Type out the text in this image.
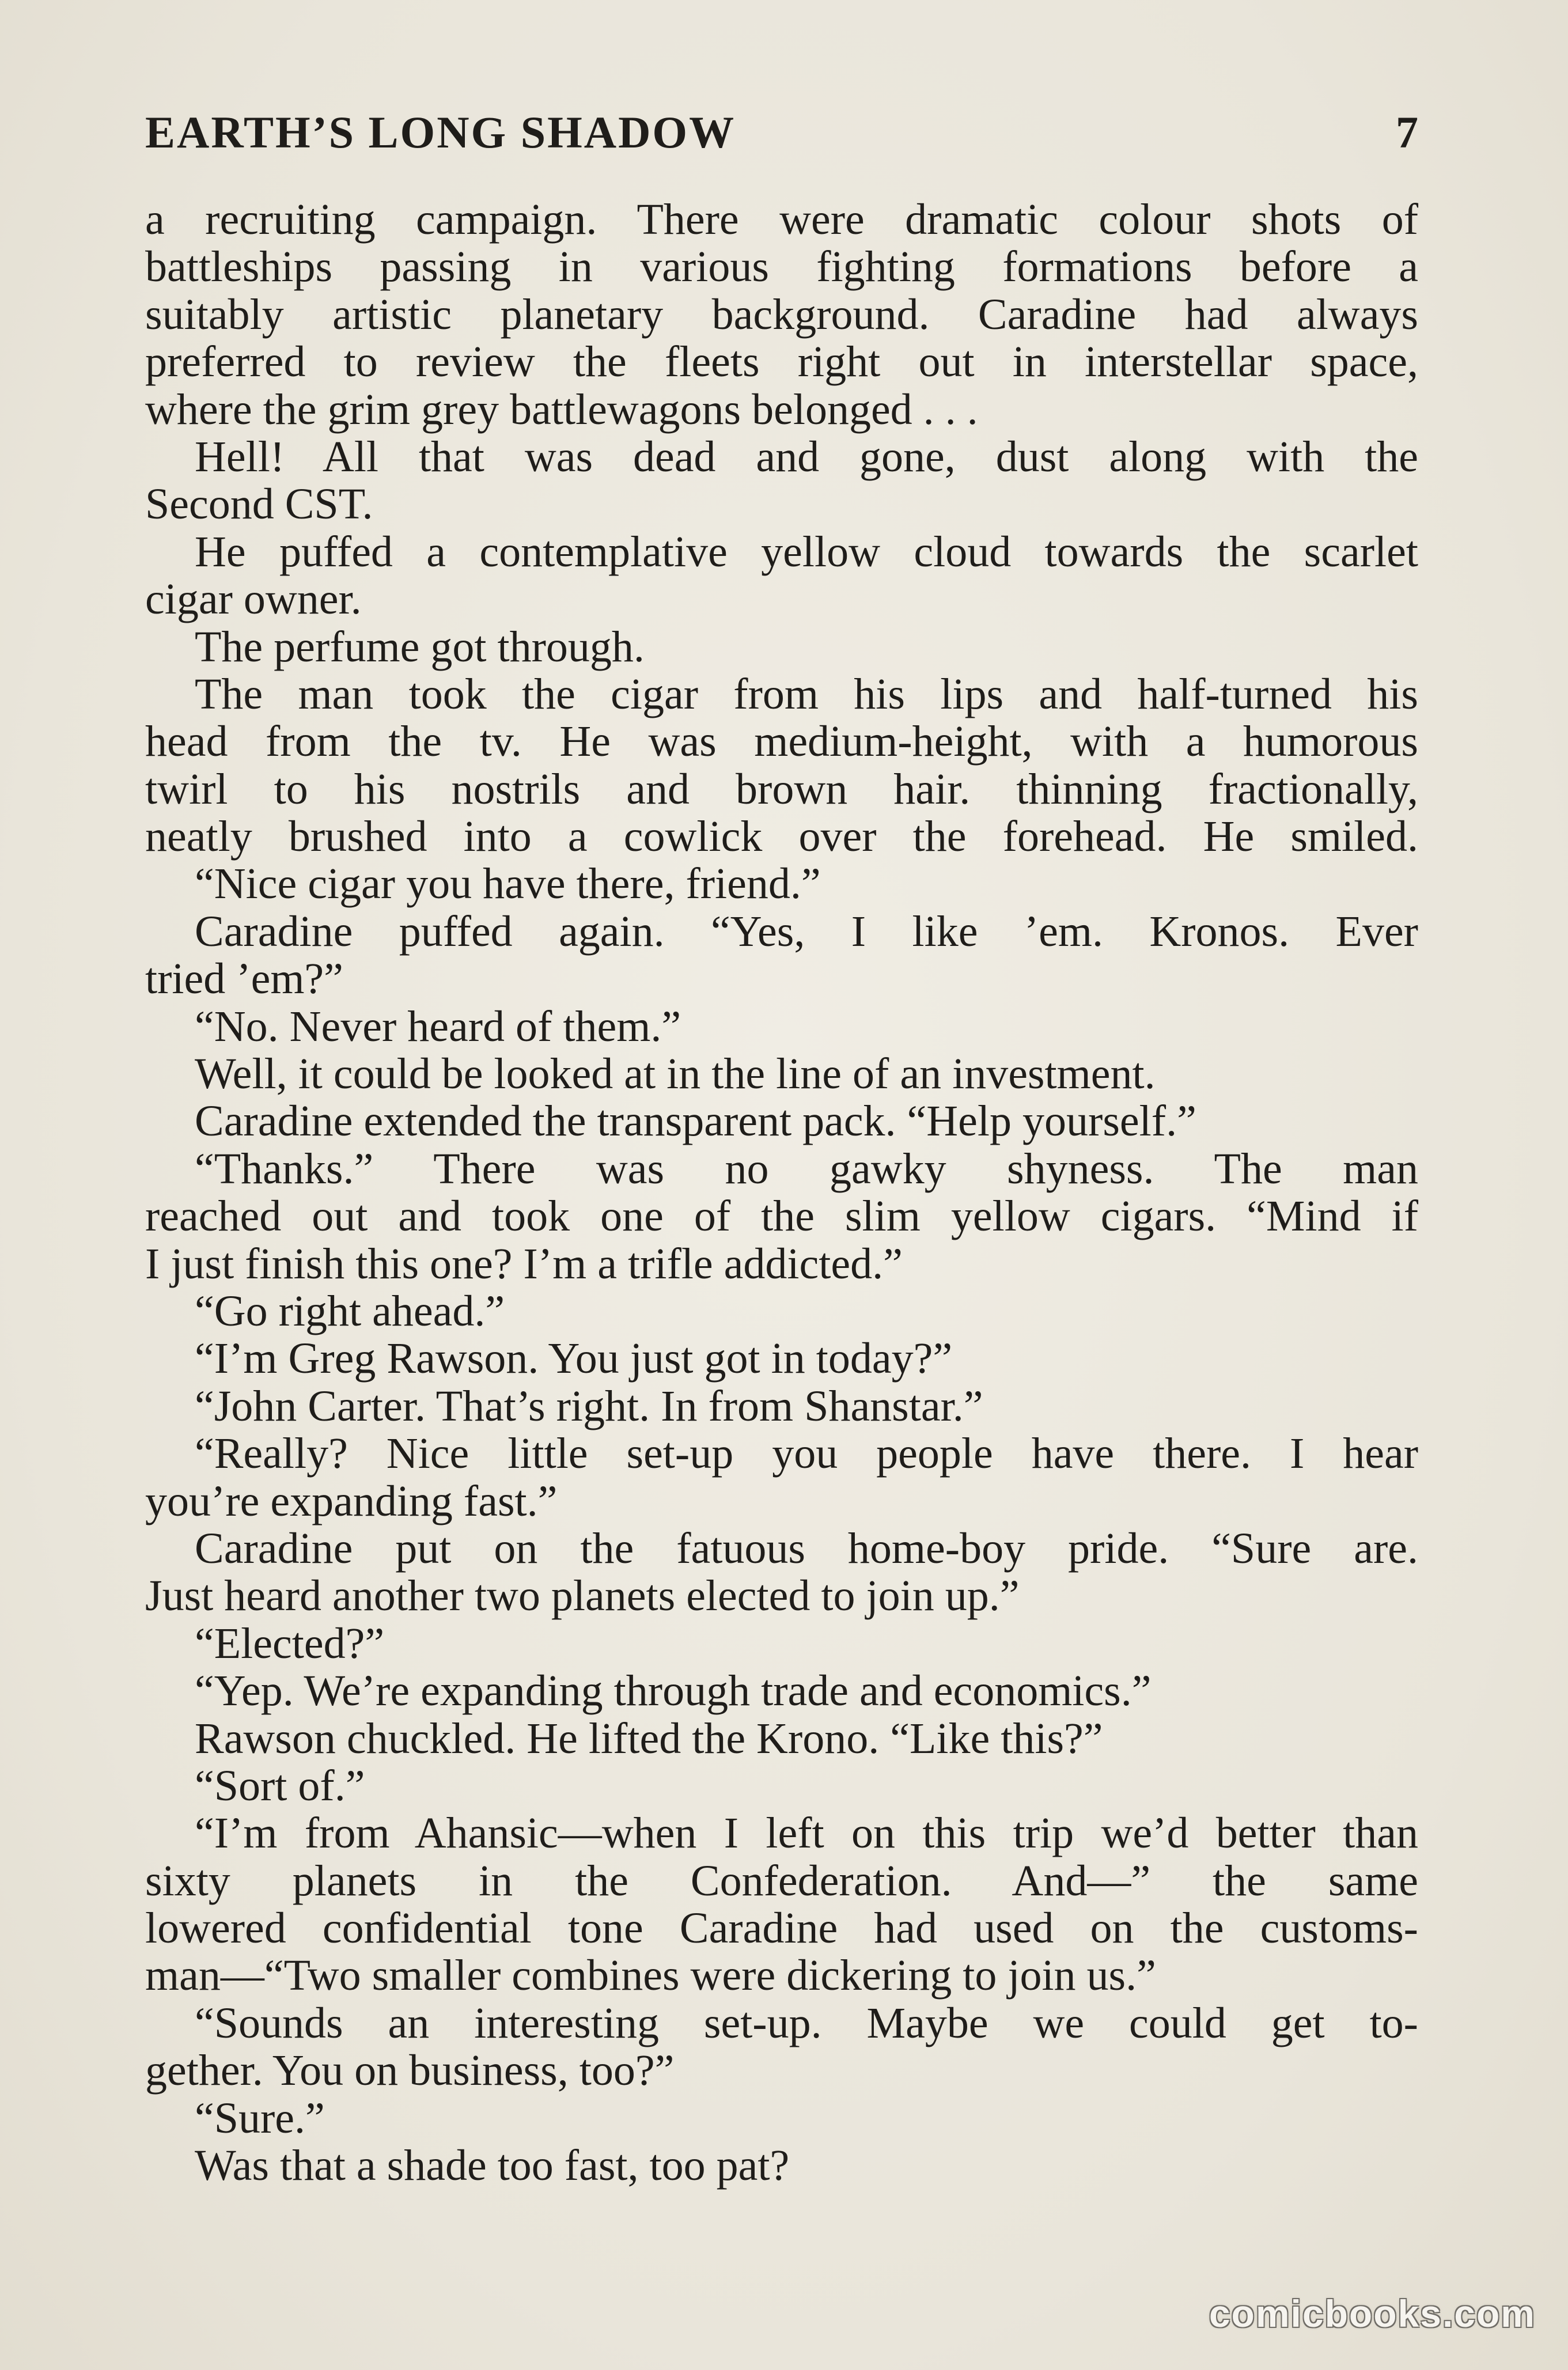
EARTH’S LONG SHADOW	7
a recruiting campaign. There were dramatic colour shots of
battleships passing in various fighting formations before a
suitably artistic planetary background. Caradine had always
preferred to review the fleets right out in interstellar space,
where the grim grey battlewagons belonged . . .
Hell! All that was dead and gone, dust along with the
Second CST.
He puffed a contemplative yellow cloud towards the scarlet
cigar owner.
The perfume got through.
The man took the cigar from his lips and half-turned his
head from the tv. He was medium-height, with a humorous
twirl to his nostrils and brown hair. thinning fractionally,
neatly brushed into a cowlick over the forehead. He smiled.
“Nice cigar you have there, friend.”
Caradine puffed again. “Yes, I like ’em. Kronos. Ever
tried ’em?”
“No. Never heard of them.”
Well, it could be looked at in the line of an investment.
Caradine extended the transparent pack. “Help yourself.”
“Thanks.” There was no gawky shyness. The man
reached out and took one of the slim yellow cigars. “Mind if
I just finish this one? I’m a trifle addicted.”
“Go right ahead.”
“I’m Greg Rawson. You just got in today?”
“John Carter. That’s right. In from Shanstar.”
“Really? Nice little set-up you people have there. I hear
you’re expanding fast.”
Caradine put on the fatuous home-boy pride. “Sure are.
Just heard another two planets elected to join up.”
“Elected?”
“Yep. We’re expanding through trade and economics.”
Rawson chuckled. He lifted the Krono. “Like this?”
“Sort of.”
“I’m from Ahansic—when I left on this trip we’d better than
sixty planets in the Confederation. And—” the same
lowered confidential tone Caradine had used on the customs-
man—“Two smaller combines were dickering to join us.”
“Sounds an interesting set-up. Maybe we could get to-
gether. You on business, too?”
“Sure.”
Was that a shade too fast, too pat?
comicbooks.com
